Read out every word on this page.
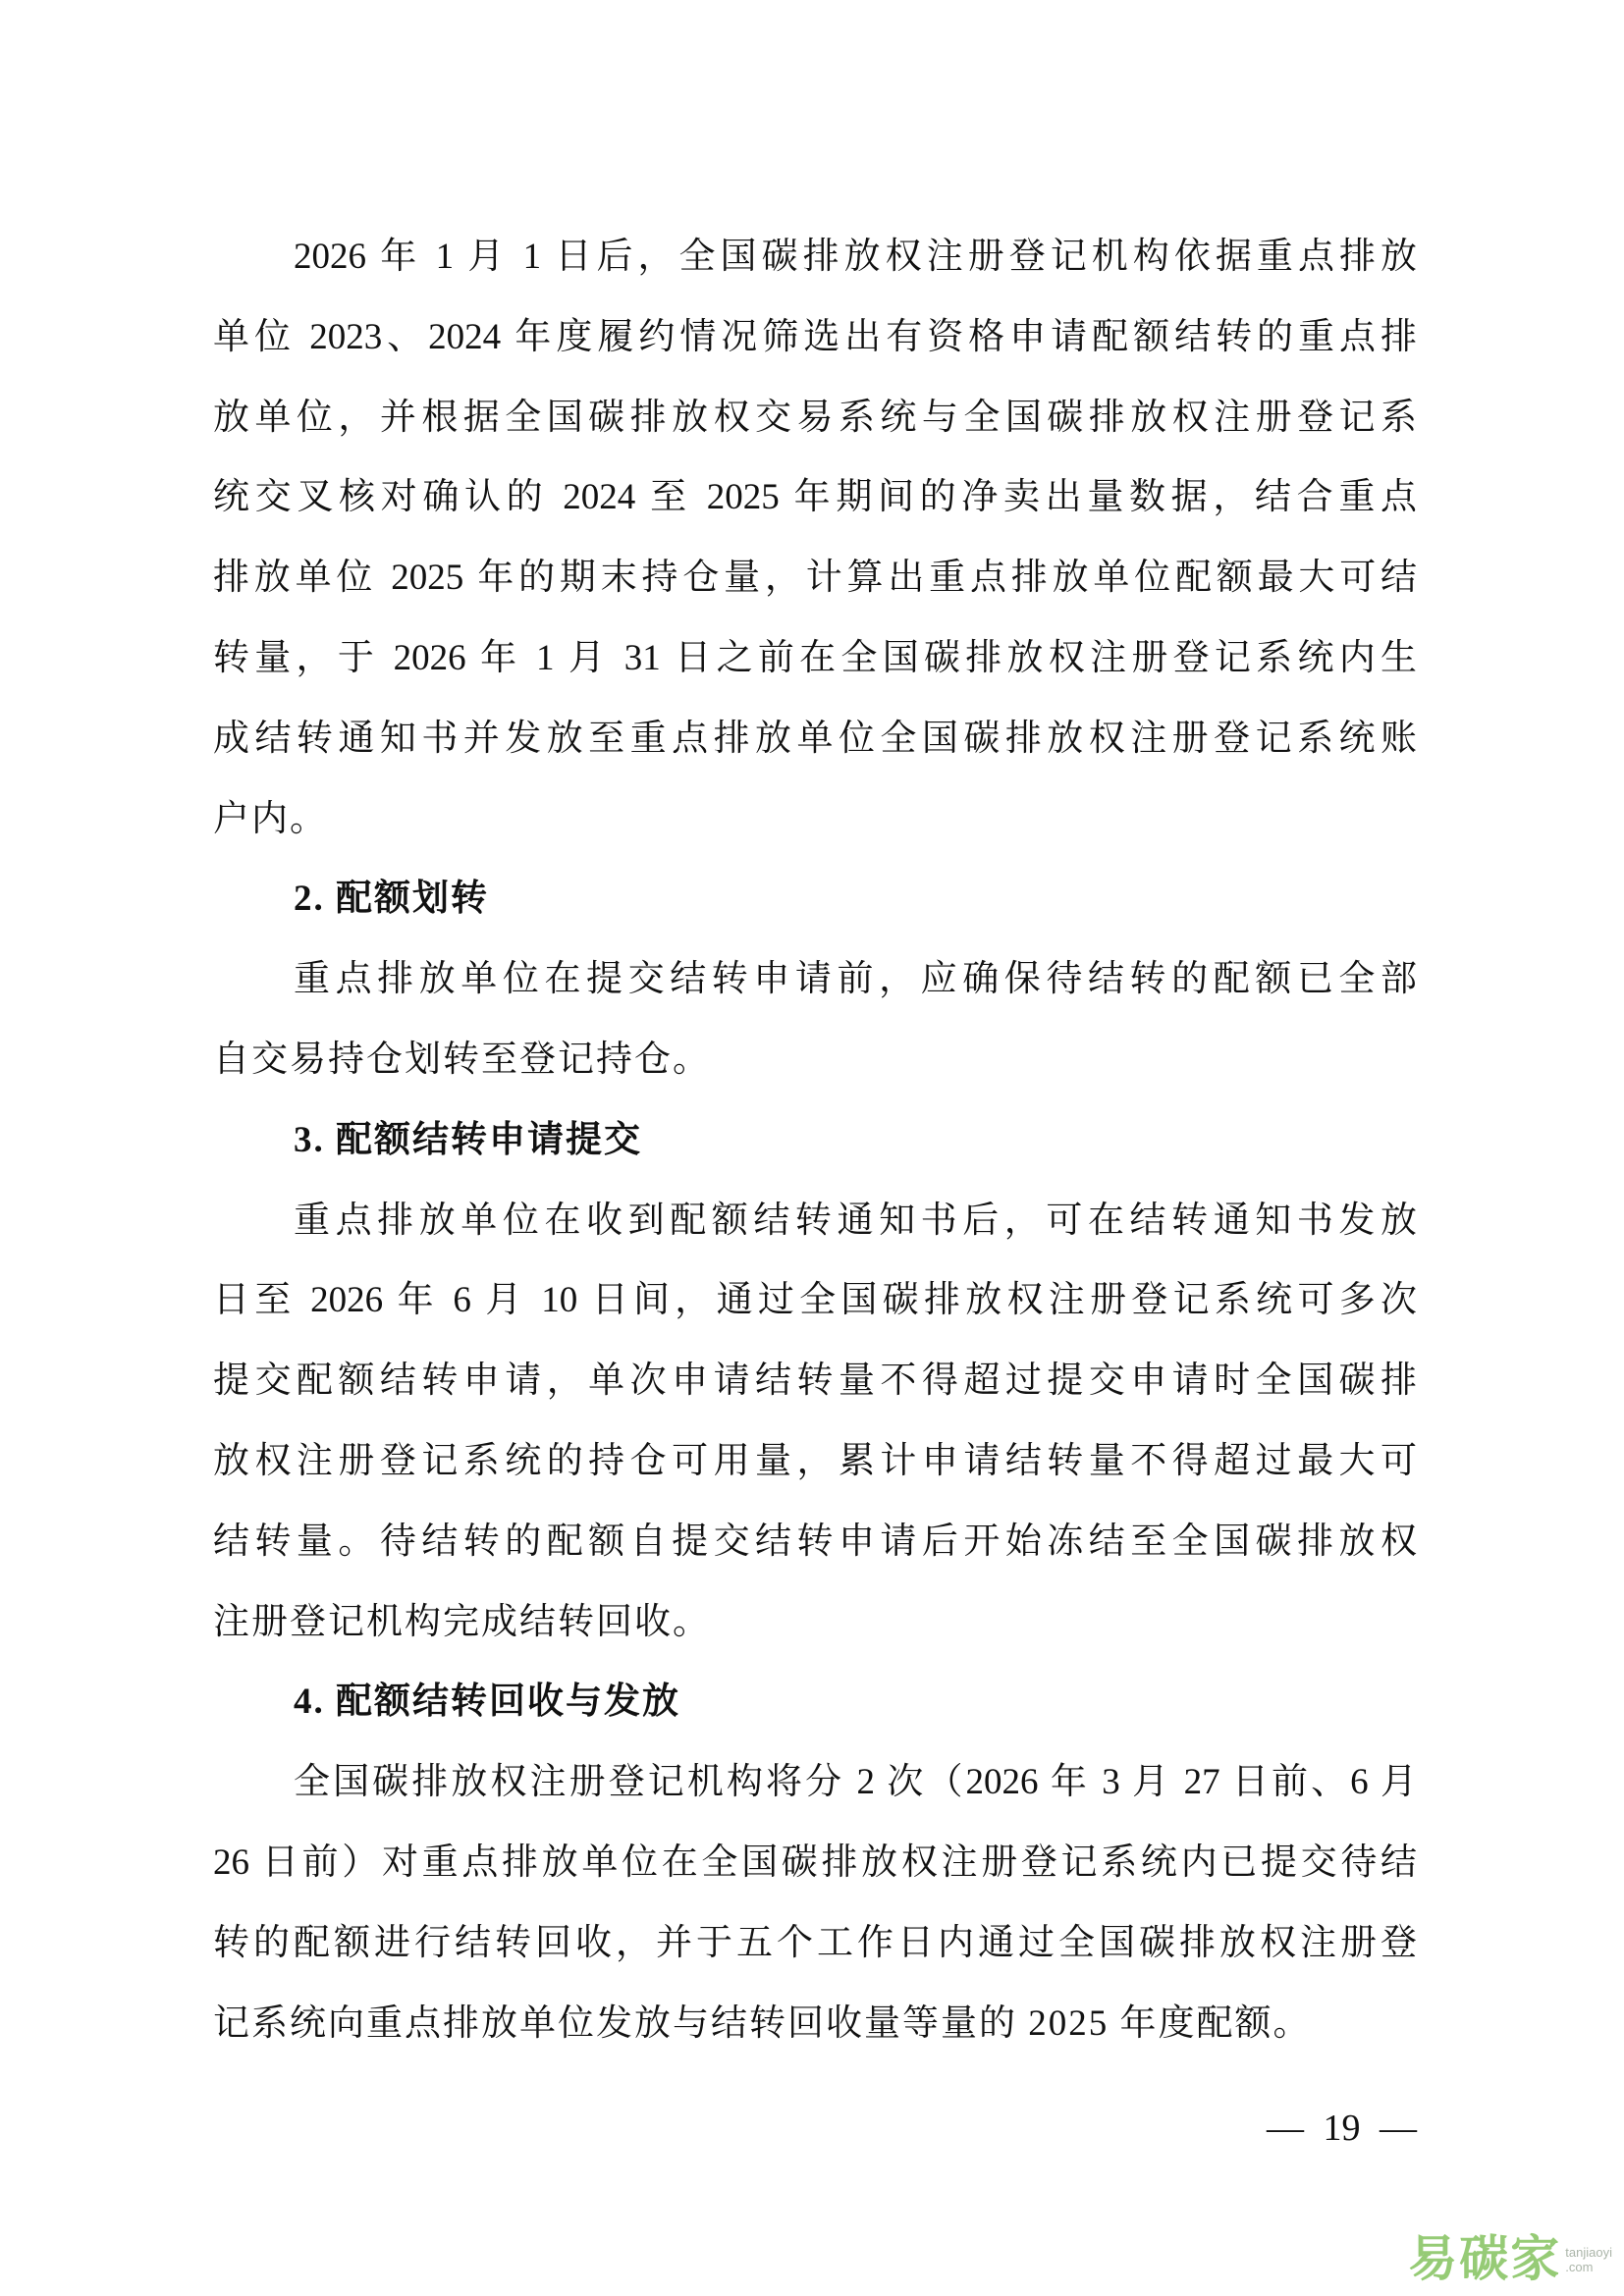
2026 年 1 月 1 日后，全国碳排放权注册登记机构依据重点排放
单位 2023、2024 年度履约情况筛选出有资格申请配额结转的重点排
放单位，并根据全国碳排放权交易系统与全国碳排放权注册登记系
统交叉核对确认的 2024 至 2025 年期间的净卖出量数据，结合重点
排放单位 2025 年的期末持仓量，计算出重点排放单位配额最大可结
转量，于 2026 年 1 月 31 日之前在全国碳排放权注册登记系统内生
成结转通知书并发放至重点排放单位全国碳排放权注册登记系统账
户内。
2. 配额划转
重点排放单位在提交结转申请前，应确保待结转的配额已全部
自交易持仓划转至登记持仓。
3. 配额结转申请提交
重点排放单位在收到配额结转通知书后，可在结转通知书发放
日至 2026 年 6 月 10 日间，通过全国碳排放权注册登记系统可多次
提交配额结转申请，单次申请结转量不得超过提交申请时全国碳排
放权注册登记系统的持仓可用量，累计申请结转量不得超过最大可
结转量。待结转的配额自提交结转申请后开始冻结至全国碳排放权
注册登记机构完成结转回收。
4. 配额结转回收与发放
全国碳排放权注册登记机构将分 2 次（2026 年 3 月 27 日前、6 月
26 日前）对重点排放单位在全国碳排放权注册登记系统内已提交待结
转的配额进行结转回收，并于五个工作日内通过全国碳排放权注册登
记系统向重点排放单位发放与结转回收量等量的 2025 年度配额。
— 19 —
易碳家 tanjiaoyi
.com
